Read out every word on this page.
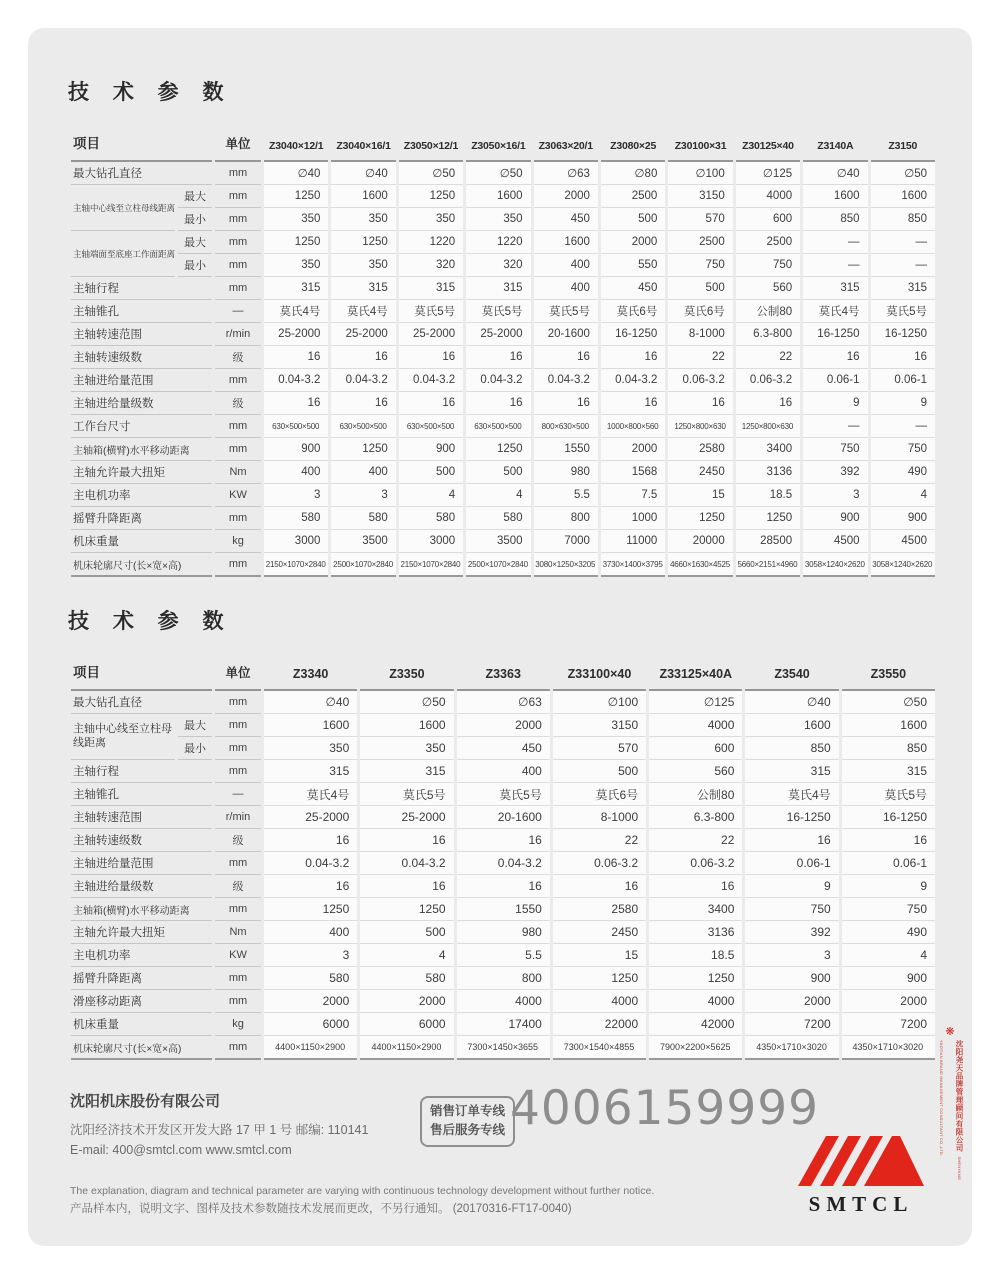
技 术 参 数
项目		单位	Z3040×12/1	Z3040×16/1	Z3050×12/1	Z3050×16/1	Z3063×20/1	Z3080×25	Z30100×31	Z30125×40	Z3140A	Z3150
最大钻孔直径		mm	∅40	∅40	∅50	∅50	∅63	∅80	∅100	∅125	∅40	∅50
主轴中心线至立柱母线距离	最大	mm	1250	1600	1250	1600	2000	2500	3150	4000	1600	1600
	最小	mm	350	350	350	350	450	500	570	600	850	850
主轴端面至底座工作面距离	最大	mm	1250	1250	1220	1220	1600	2000	2500	2500	—	—
	最小	mm	350	350	320	320	400	550	750	750	—	—
主轴行程		mm	315	315	315	315	400	450	500	560	315	315
主轴锥孔		—	莫氏4号	莫氏4号	莫氏5号	莫氏5号	莫氏5号	莫氏6号	莫氏6号	公制80	莫氏4号	莫氏5号
主轴转速范围		r/min	25-2000	25-2000	25-2000	25-2000	20-1600	16-1250	8-1000	6.3-800	16-1250	16-1250
主轴转速级数		级	16	16	16	16	16	16	22	22	16	16
主轴进给量范围		mm	0.04-3.2	0.04-3.2	0.04-3.2	0.04-3.2	0.04-3.2	0.04-3.2	0.06-3.2	0.06-3.2	0.06-1	0.06-1
主轴进给量级数		级	16	16	16	16	16	16	16	16	9	9
工作台尺寸		mm	630×500×500	630×500×500	630×500×500	630×500×500	800×630×500	1000×800×560	1250×800×630	1250×800×630	—	—
主轴箱(横臂)水平移动距离		mm	900	1250	900	1250	1550	2000	2580	3400	750	750
主轴允许最大扭矩		Nm	400	400	500	500	980	1568	2450	3136	392	490
主电机功率		KW	3	3	4	4	5.5	7.5	15	18.5	3	4
摇臂升降距离		mm	580	580	580	580	800	1000	1250	1250	900	900
机床重量		kg	3000	3500	3000	3500	7000	11000	20000	28500	4500	4500
机床轮廓尺寸(长×宽×高)		mm	2150×1070×2840	2500×1070×2840	2150×1070×2840	2500×1070×2840	3080×1250×3205	3730×1400×3795	4660×1630×4525	5660×2151×4960	3058×1240×2620	3058×1240×2620
技 术 参 数
项目		单位	Z3340	Z3350	Z3363	Z33100×40	Z33125×40A	Z3540	Z3550
最大钻孔直径		mm	∅40	∅50	∅63	∅100	∅125	∅40	∅50
主轴中心线至立柱母线距离	最大	mm	1600	1600	2000	3150	4000	1600	1600
	最小	mm	350	350	450	570	600	850	850
主轴行程		mm	315	315	400	500	560	315	315
主轴锥孔		—	莫氏4号	莫氏5号	莫氏5号	莫氏6号	公制80	莫氏4号	莫氏5号
主轴转速范围		r/min	25-2000	25-2000	20-1600	8-1000	6.3-800	16-1250	16-1250
主轴转速级数		级	16	16	16	22	22	16	16
主轴进给量范围		mm	0.04-3.2	0.04-3.2	0.04-3.2	0.06-3.2	0.06-3.2	0.06-1	0.06-1
主轴进给量级数		级	16	16	16	16	16	9	9
主轴箱(横臂)水平移动距离		mm	1250	1250	1550	2580	3400	750	750
主轴允许最大扭矩		Nm	400	500	980	2450	3136	392	490
主电机功率		KW	3	4	5.5	15	18.5	3	4
摇臂升降距离		mm	580	580	800	1250	1250	900	900
滑座移动距离		mm	2000	2000	4000	4000	4000	2000	2000
机床重量		kg	6000	6000	17400	22000	42000	7200	7200
机床轮廓尺寸(长×宽×高)		mm	4400×1150×2900	4400×1150×2900	7300×1450×3655	7300×1540×4855	7900×2200×5625	4350×1710×3020	4350×1710×3020
沈阳机床股份有限公司
沈阳经济技术开发区开发大路 17 甲 1 号 邮编: 110141
E-mail: 400@smtcl.com www.smtcl.com
销售订单专线
售后服务专线 4006159999
The explanation, diagram and technical parameter are varying with continuous technology development without further notice.
产品样本内，说明文字、图样及技术参数随技术发展而更改，不另行通知。 (20170316-FT17-0040)	SMTCL
❋
沈阳尧天品牌管理顾问有限公司 SHENYANG YAOTIAN BRAND MANAGEMENT CONSULTANT CO.,LTD.
